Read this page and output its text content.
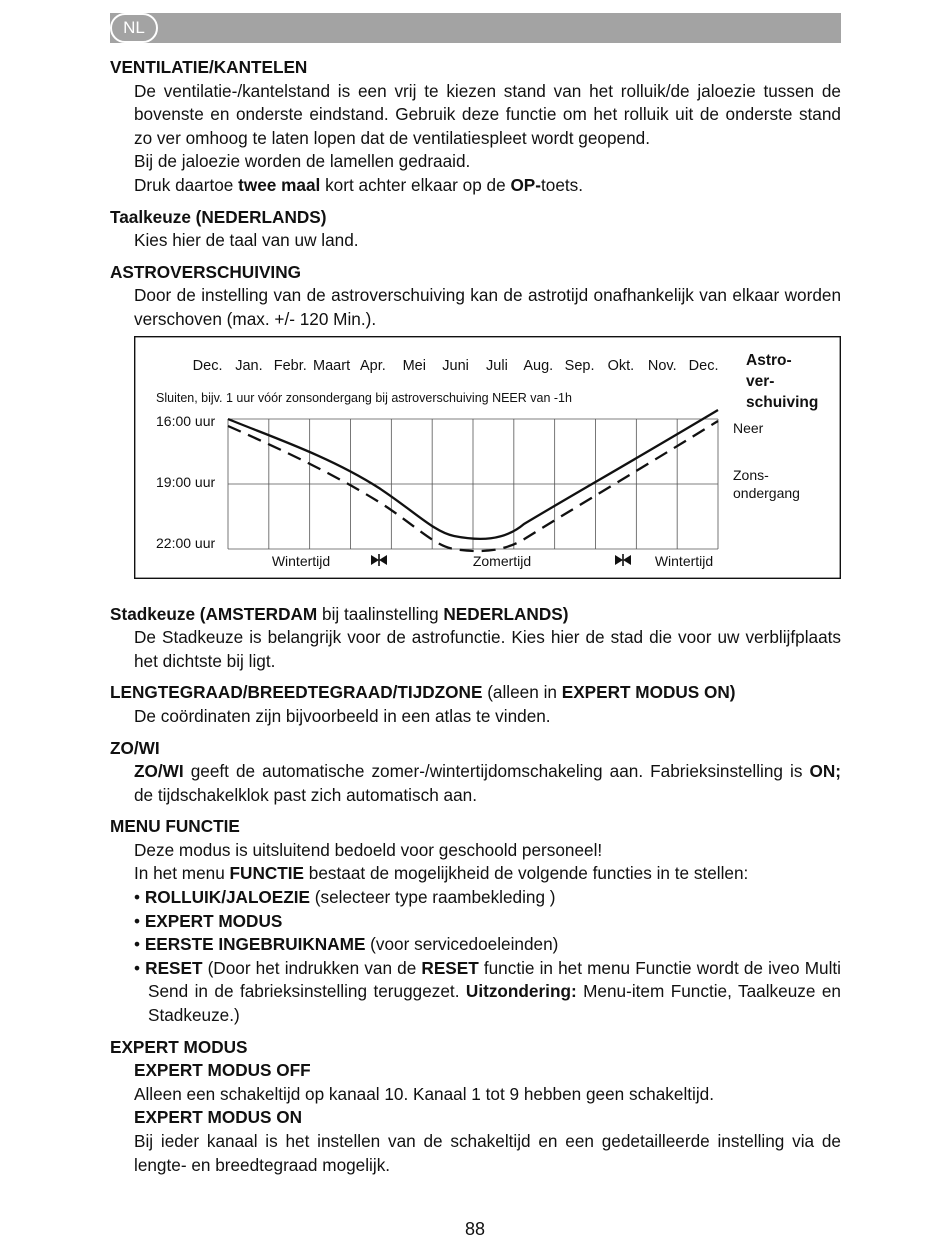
NL

VENTILATIE/KANTELEN

De ventilatie-/kantelstand is een vrij te kiezen stand van het rolluik/de jaloezie tussen de bovenste en onderste eindstand. Gebruik deze functie om het rolluik uit de onderste stand zo ver omhoog te laten lopen dat de ventilatiespleet wordt geopend.

Bij de jaloezie worden de lamellen gedraaid.

Druk daartoe twee maal kort achter elkaar op de OP-toets.

Taalkeuze (NEDERLANDS)

Kies hier de taal van uw land.

ASTROVERSCHUIVING

Door de instelling van de astroverschuiving kan de astrotijd onafhankelijk van elkaar worden verschoven (max. +/- 120 Min.).

Dec. Jan. Febr. Maart Apr. Mei Juni Juli Aug. Sep. Okt. Nov. Dec.
Sluiten, bijv. 1 uur vóór zonsondergang bij astroverschuiving NEER van -1h
16:00 uur
19:00 uur
22:00 uur
Astro-
ver-
schuiving
Neer
Zons-
ondergang
Wintertijd	Zomertijd	Wintertijd

Stadkeuze (AMSTERDAM bij taalinstelling NEDERLANDS)

De Stadkeuze is belangrijk voor de astrofunctie. Kies hier de stad die voor uw verblijfplaats het dichtste bij ligt.

LENGTEGRAAD/BREEDTEGRAAD/TIJDZONE (alleen in EXPERT MODUS ON)

De coördinaten zijn bijvoorbeeld in een atlas te vinden.

ZO/WI

ZO/WI geeft de automatische zomer-/wintertijdomschakeling aan. Fabrieksinstelling is ON; de tijdschakelklok past zich automatisch aan.

MENU FUNCTIE

Deze modus is uitsluitend bedoeld voor geschoold personeel!

In het menu FUNCTIE bestaat de mogelijkheid de volgende functies in te stellen:

• ROLLUIK/JALOEZIE (selecteer type raambekleding )

• EXPERT MODUS

• EERSTE INGEBRUIKNAME (voor servicedoeleinden)

• RESET (Door het indrukken van de RESET functie in het menu Functie wordt de iveo Multi Send in de fabrieksinstelling teruggezet. Uitzondering: Menu-item Functie, Taalkeuze en Stadkeuze.)

EXPERT MODUS

EXPERT MODUS OFF

Alleen een schakeltijd op kanaal 10. Kanaal 1 tot 9 hebben geen schakeltijd.

EXPERT MODUS ON

Bij ieder kanaal is het instellen van de schakeltijd en een gedetailleerde instelling via de lengte- en breedtegraad mogelijk.

88
